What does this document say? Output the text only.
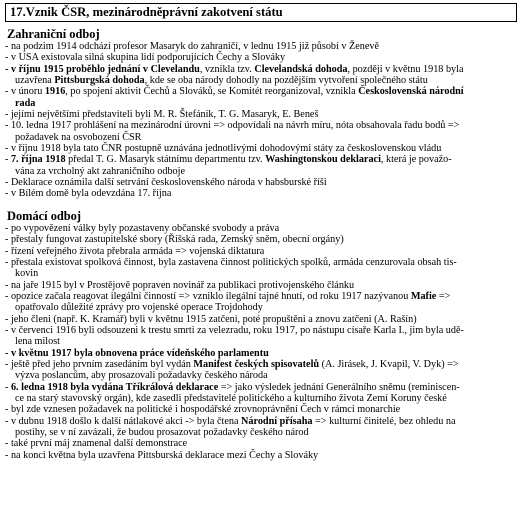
17.Vznik ČSR, mezinárodněprávní zakotvení státu
Zahraniční odboj
- na podzim 1914 odchází profesor Masaryk do zahraničí, v lednu 1915 již působí v Ženevě
- v USA existovala silná skupina lidí podporujících Čechy a Slováky
- v říjnu 1915 proběhlo jednání v Clevelandu, vznikla tzv. Clevelandská dohoda, později v květnu 1918 byla
uzavřena Pittsburgská dohoda, kde se oba národy dohodly na pozdějším vytvoření společného státu
- v únoru 1916, po spojení aktivit Čechů a Slováků, se Komitét reorganizoval, vznikla Československá národní
rada
- jejími největšími představiteli byli M. R. Štefánik, T. G. Masaryk, E. Beneš
- 10. ledna 1917 prohlášení na mezinárodní úrovni => odpovídali na návrh míru, nóta obsahovala řadu bodů =>
požadavek na osvobození ČSR
- v říjnu 1918 byla tato ČNR postupně uznávána jednotlivými dohodovými státy za československou vládu
- 7. října 1918 předal T. G. Masaryk státnímu departmentu tzv. Washingtonskou deklaraci, která je považo-
vána za vrcholný akt zahraničního odboje
- Deklarace oznámila další setrvání československého národa v habsburské říši
- v Bílém domě byla odevzdána 17. října
Domácí odboj
- po vypovězení války byly pozastaveny občanské svobody a práva
- přestaly fungovat zastupitelské sbory (Říšská rada, Zemský sněm, obecní orgány)
- řízení veřejného života přebrala armáda => vojenská diktatura
- přestala existovat spolková činnost, byla zastavena činnost politických spolků, armáda cenzurovala obsah tis-
kovin
- na jaře 1915 byl v Prostějově popraven novinář za publikaci protivojenského článku
- opozice začala reagovat ilegální činností => vzniklo ilegální tajné hnutí, od roku 1917 nazývanou Mafie =>
opatřovalo důležité zprávy pro vojenské operace Trojdohody
- jeho členi (např. K. Kramář) byli v květnu 1915 zatčeni, poté propuštěni a znovu zatčeni (A. Rašín)
- v červenci 1916 byli odsouzeni k trestu smrti za velezradu, roku 1917, po nástupu císaře Karla I., jim byla udě-
lena milost
- v květnu 1917 byla obnovena práce vídeňského parlamentu
- ještě před jeho prvním zasedáním byl vydán Manifest českých spisovatelů (A. Jirásek, J. Kvapil, V. Dyk) =>
výzva poslancům, aby prosazovali požadavky českého národa
- 6. ledna 1918 byla vydána Tříkrálová deklarace => jako výsledek jednání Generálního sněmu (reminiscen-
ce na starý stavovský orgán), kde zasedli představitelé politického a kulturního života Zemí Koruny české
- byl zde vznesen požadavek na politické i hospodářské zrovnoprávnění Čech v rámci monarchie
- v dubnu 1918 došlo k další nátlakové akci -> byla čtena Národní přísaha => kulturní činitelé, bez ohledu na
postihy, se v ní zavázali, že budou prosazovat požadavky českého národ
- také první máj znamenal další demonstrace
- na konci května byla uzavřena Pittsburská deklarace mezi Čechy a Slováky
